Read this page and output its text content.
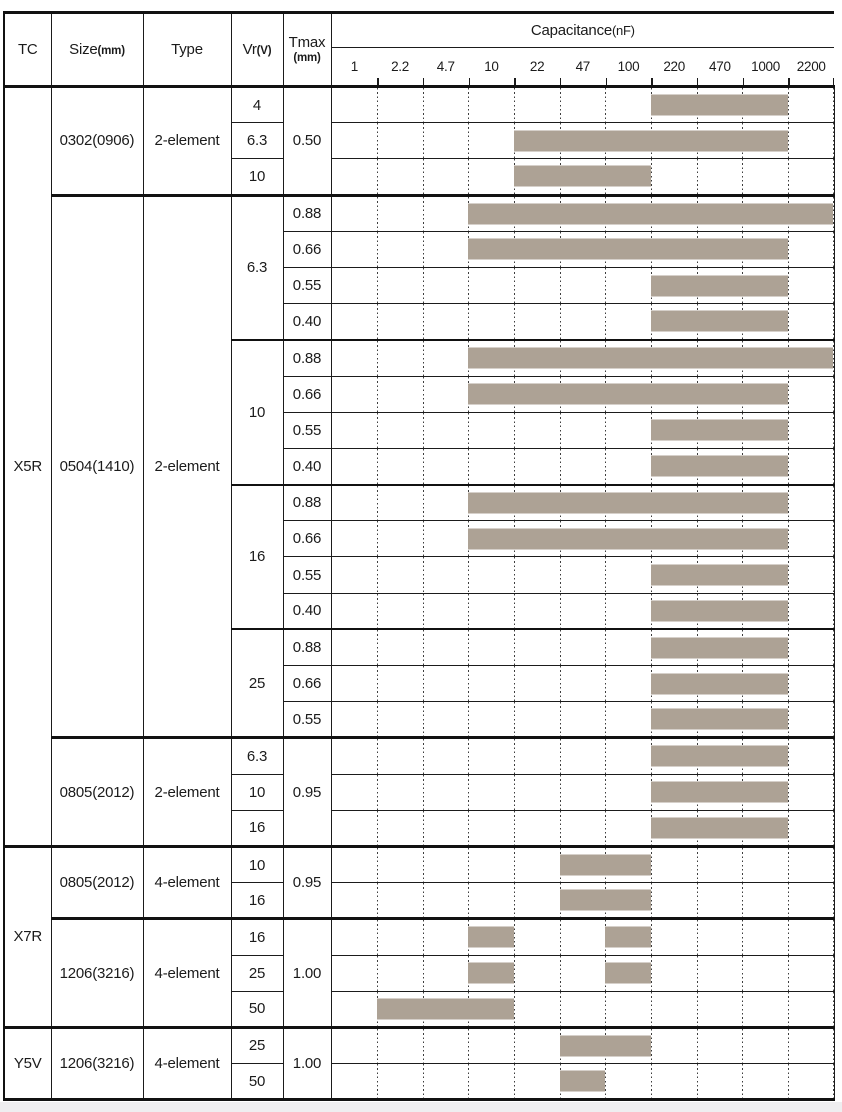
TC	Size(mm)	Type	Vr(V)	Tmax
(mm)	Capacitance(nF)

1	2.2	4.7	10	22	47	100	220	470	1000	2200

X5R	0302(0906)	2-element	4	0.50	

			6.3		

			10		

	0504(1410)	2-element	6.3	0.88	

				0.66	

				0.55	

				0.40	

			10	0.88	

				0.66	

				0.55	

				0.40	

			16	0.88	

				0.66	

				0.55	

				0.40	

			25	0.88	

				0.66	

				0.55	

	0805(2012)	2-element	6.3	0.95	

			10		

			16		

X7R	0805(2012)	4-element	10	0.95	

			16		

	1206(3216)	4-element	16	1.00	

			25		

			50		

Y5V	1206(3216)	4-element	25	1.00	

			50		
